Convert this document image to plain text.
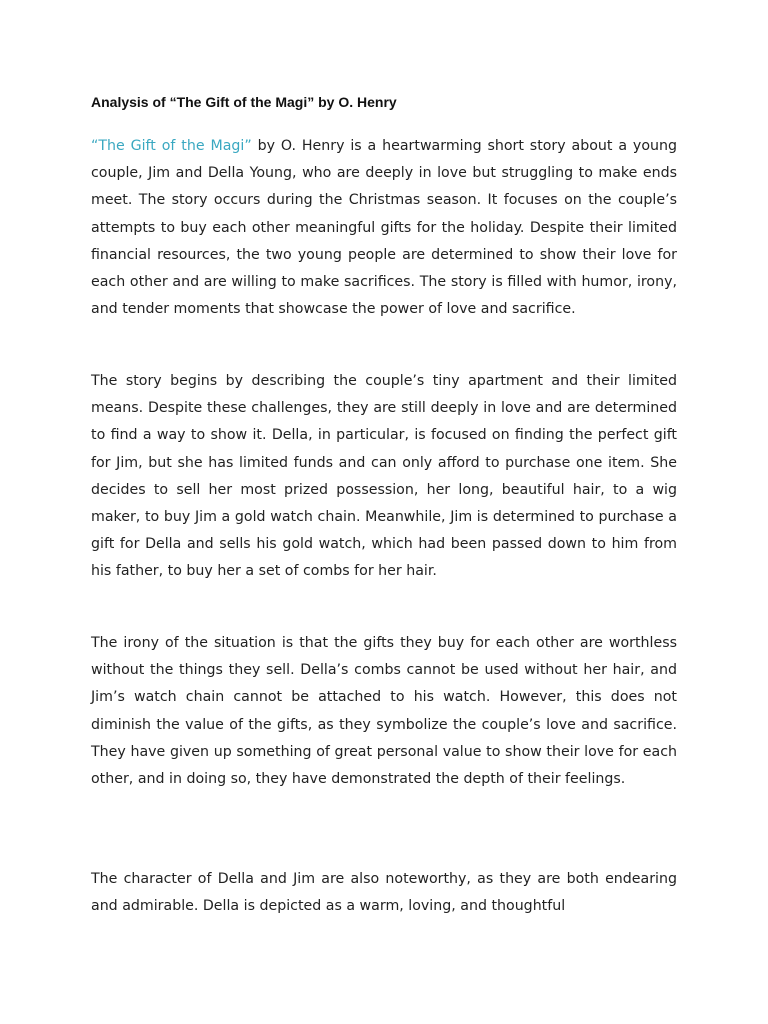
Analysis of “The Gift of the Magi” by O. Henry

“The Gift of the Magi” by O. Henry is a heartwarming short story about a young couple, Jim and Della Young, who are deeply in love but struggling to make ends meet. The story occurs during the Christmas season. It focuses on the couple’s attempts to buy each other meaningful gifts for the holiday. Despite their limited financial resources, the two young people are determined to show their love for each other and are willing to make sacrifices. The story is filled with humor, irony, and tender moments that showcase the power of love and sacrifice.

The story begins by describing the couple’s tiny apartment and their limited means. Despite these challenges, they are still deeply in love and are determined to find a way to show it. Della, in particular, is focused on finding the perfect gift for Jim, but she has limited funds and can only afford to purchase one item. She decides to sell her most prized possession, her long, beautiful hair, to a wig maker, to buy Jim a gold watch chain. Meanwhile, Jim is determined to purchase a gift for Della and sells his gold watch, which had been passed down to him from his father, to buy her a set of combs for her hair.

The irony of the situation is that the gifts they buy for each other are worthless without the things they sell. Della’s combs cannot be used without her hair, and Jim’s watch chain cannot be attached to his watch. However, this does not diminish the value of the gifts, as they symbolize the couple’s love and sacrifice. They have given up something of great personal value to show their love for each other, and in doing so, they have demonstrated the depth of their feelings.

The character of Della and Jim are also noteworthy, as they are both endearing and admirable. Della is depicted as a warm, loving, and thoughtful
